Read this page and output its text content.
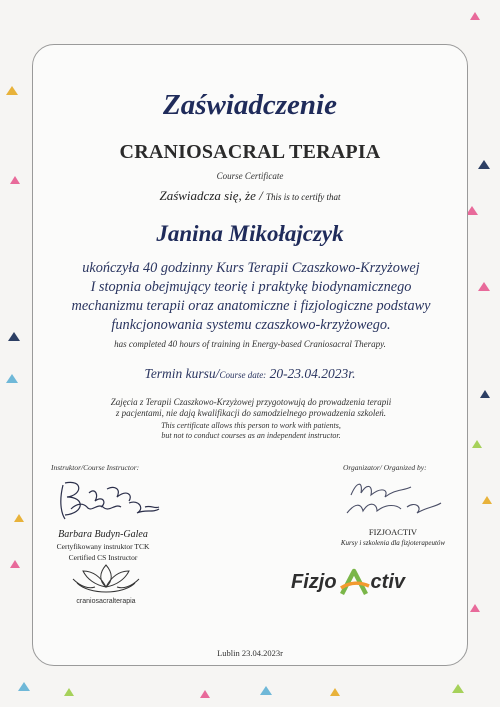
Zaświadczenie
CRANIOSACRAL TERAPIA
Course Certificate
Zaświadcza się, że / This is to certify that
Janina Mikołajczyk
ukończyła 40 godzinny Kurs Terapii Czaszkowo-Krzyżowej
I stopnia obejmujący teorię i praktykę biodynamicznego
mechanizmu terapii oraz anatomiczne i fizjologiczne podstawy
funkcjonowania systemu czaszkowo-krzyżowego.
has completed 40 hours of training in Energy-based Craniosacral Therapy.
Termin kursu/Course date: 20-23.04.2023r.
Zajęcia z Terapii Czaszkowo-Krzyżowej przygotowują do prowadzenia terapii
z pacjentami, nie dają kwalifikacji do samodzielnego prowadzenia szkoleń.
This certificate allows this person to work with patients,
but not to conduct courses as an independent instructor.
Instruktor/Course Instructor:	Organizator/ Organized by:
Barbara Budyn-Galea
Certyfikowany instruktor TCK
Certified CS Instructor
FIZJOACTIV
Kursy i szkolenia dla fizjoterapeutów
craniosacralterapia
Fizjo ctiv
Lublin 23.04.2023r
